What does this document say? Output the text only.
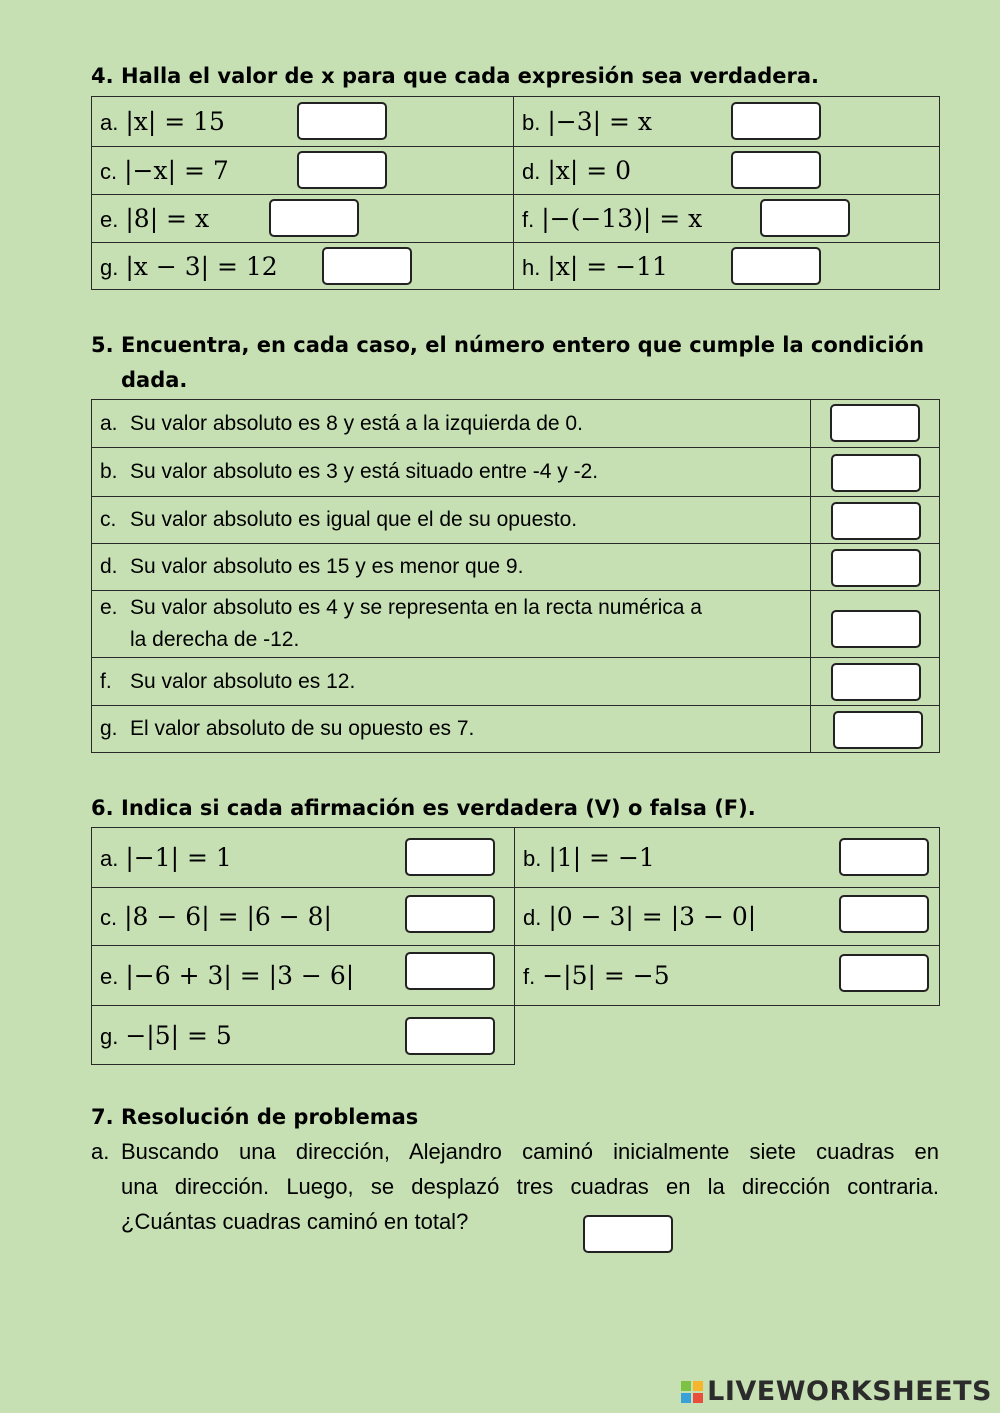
4. Halla el valor de x para que cada expresión sea verdadera.
a. |x| = 15	b. |−3| = x

c. |−x| = 7	d. |x| = 0

e. |8| = x	f. |−(−13)| = x

g. |x − 3| = 12	h. |x| = −11
5. Encuentra, en cada caso, el número entero que cumple la condición
dada.
a. Su valor absoluto es 8 y está a la izquierda de 0.	

b. Su valor absoluto es 3 y está situado entre -4 y -2.	

c. Su valor absoluto es igual que el de su opuesto.	

d. Su valor absoluto es 15 y es menor que 9.	

e. Su valor absoluto es 4 y se representa en la recta numérica a
la derecha de -12.	

f. Su valor absoluto es 12.	

g. El valor absoluto de su opuesto es 7.	

6. Indica si cada afirmación es verdadera (V) o falsa (F).
a. |−1| = 1	b. |1| = −1

c. |8 − 6| = |6 − 8|	d. |0 − 3| = |3 − 0|

e. |−6 + 3| = |3 − 6|	f. −|5| = −5

g. −|5| = 5

7. Resolución de problemas
a. Buscando una dirección, Alejandro caminó inicialmente siete cuadras en
una dirección. Luego, se desplazó tres cuadras en la dirección contraria.
¿Cuántas cuadras caminó en total?
LIVEWORKSHEETS
